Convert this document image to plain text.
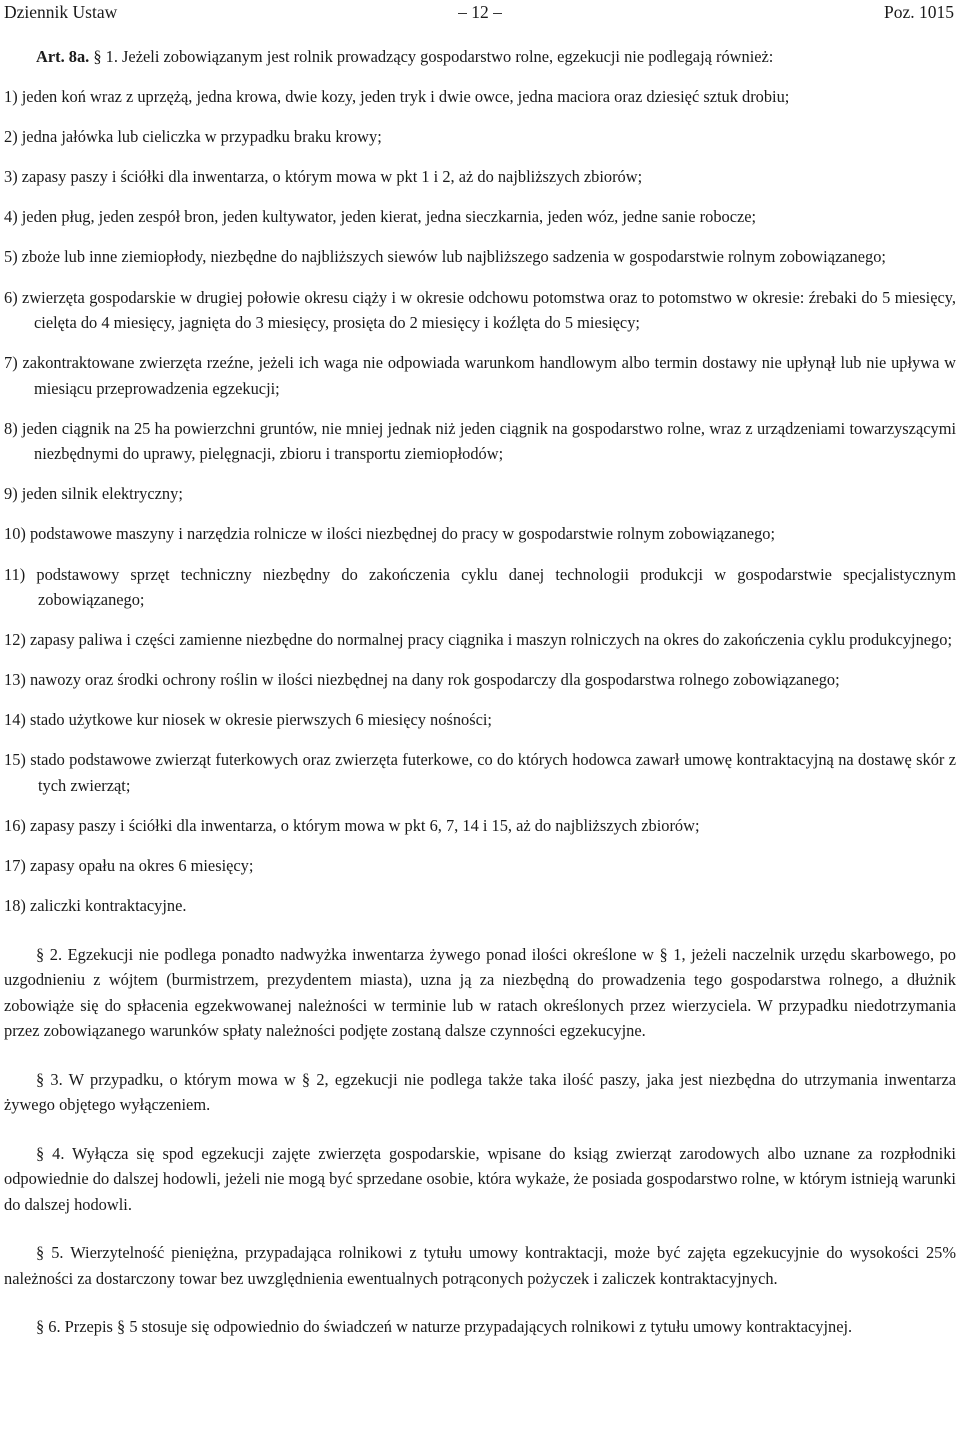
Dziennik Ustaw	– 12 –	Poz. 1015

Art. 8a. § 1. Jeżeli zobowiązanym jest rolnik prowadzący gospodarstwo rolne, egzekucji nie podlegają również:

1) jeden koń wraz z uprzężą, jedna krowa, dwie kozy, jeden tryk i dwie owce, jedna maciora oraz dziesięć sztuk drobiu;

2) jedna jałówka lub cieliczka w przypadku braku krowy;

3) zapasy paszy i ściółki dla inwentarza, o którym mowa w pkt 1 i 2, aż do najbliższych zbiorów;

4) jeden pług, jeden zespół bron, jeden kultywator, jeden kierat, jedna sieczkarnia, jeden wóz, jedne sanie robocze;

5) zboże lub inne ziemiopłody, niezbędne do najbliższych siewów lub najbliższego sadzenia w gospodarstwie rolnym zobowiązanego;

6) zwierzęta gospodarskie w drugiej połowie okresu ciąży i w okresie odchowu potomstwa oraz to potomstwo w okresie: źrebaki do 5 miesięcy, cielęta do 4 miesięcy, jagnięta do 3 miesięcy, prosięta do 2 miesięcy i koźlęta do 5 miesięcy;

7) zakontraktowane zwierzęta rzeźne, jeżeli ich waga nie odpowiada warunkom handlowym albo termin dostawy nie upłynął lub nie upływa w miesiącu przeprowadzenia egzekucji;

8) jeden ciągnik na 25 ha powierzchni gruntów, nie mniej jednak niż jeden ciągnik na gospodarstwo rolne, wraz z urządzeniami towarzyszącymi niezbędnymi do uprawy, pielęgnacji, zbioru i transportu ziemiopłodów;

9) jeden silnik elektryczny;

10) podstawowe maszyny i narzędzia rolnicze w ilości niezbędnej do pracy w gospodarstwie rolnym zobowiązanego;

11) podstawowy sprzęt techniczny niezbędny do zakończenia cyklu danej technologii produkcji w gospodarstwie specjalistycznym zobowiązanego;

12) zapasy paliwa i części zamienne niezbędne do normalnej pracy ciągnika i maszyn rolniczych na okres do zakończenia cyklu produkcyjnego;

13) nawozy oraz środki ochrony roślin w ilości niezbędnej na dany rok gospodarczy dla gospodarstwa rolnego zobowiązanego;

14) stado użytkowe kur niosek w okresie pierwszych 6 miesięcy nośności;

15) stado podstawowe zwierząt futerkowych oraz zwierzęta futerkowe, co do których hodowca zawarł umowę kontraktacyjną na dostawę skór z tych zwierząt;

16) zapasy paszy i ściółki dla inwentarza, o którym mowa w pkt 6, 7, 14 i 15, aż do najbliższych zbiorów;

17) zapasy opału na okres 6 miesięcy;

18) zaliczki kontraktacyjne.

§ 2. Egzekucji nie podlega ponadto nadwyżka inwentarza żywego ponad ilości określone w § 1, jeżeli naczelnik urzędu skarbowego, po uzgodnieniu z wójtem (burmistrzem, prezydentem miasta), uzna ją za niezbędną do prowadzenia tego gospodarstwa rolnego, a dłużnik zobowiąże się do spłacenia egzekwowanej należności w terminie lub w ratach określonych przez wierzyciela. W przypadku niedotrzymania przez zobowiązanego warunków spłaty należności podjęte zostaną dalsze czynności egzekucyjne.

§ 3. W przypadku, o którym mowa w § 2, egzekucji nie podlega także taka ilość paszy, jaka jest niezbędna do utrzymania inwentarza żywego objętego wyłączeniem.

§ 4. Wyłącza się spod egzekucji zajęte zwierzęta gospodarskie, wpisane do ksiąg zwierząt zarodowych albo uznane za rozpłodniki odpowiednie do dalszej hodowli, jeżeli nie mogą być sprzedane osobie, która wykaże, że posiada gospodarstwo rolne, w którym istnieją warunki do dalszej hodowli.

§ 5. Wierzytelność pieniężna, przypadająca rolnikowi z tytułu umowy kontraktacji, może być zajęta egzekucyjnie do wysokości 25% należności za dostarczony towar bez uwzględnienia ewentualnych potrąconych pożyczek i zaliczek kontraktacyjnych.

§ 6. Przepis § 5 stosuje się odpowiednio do świadczeń w naturze przypadających rolnikowi z tytułu umowy kontraktacyjnej.
